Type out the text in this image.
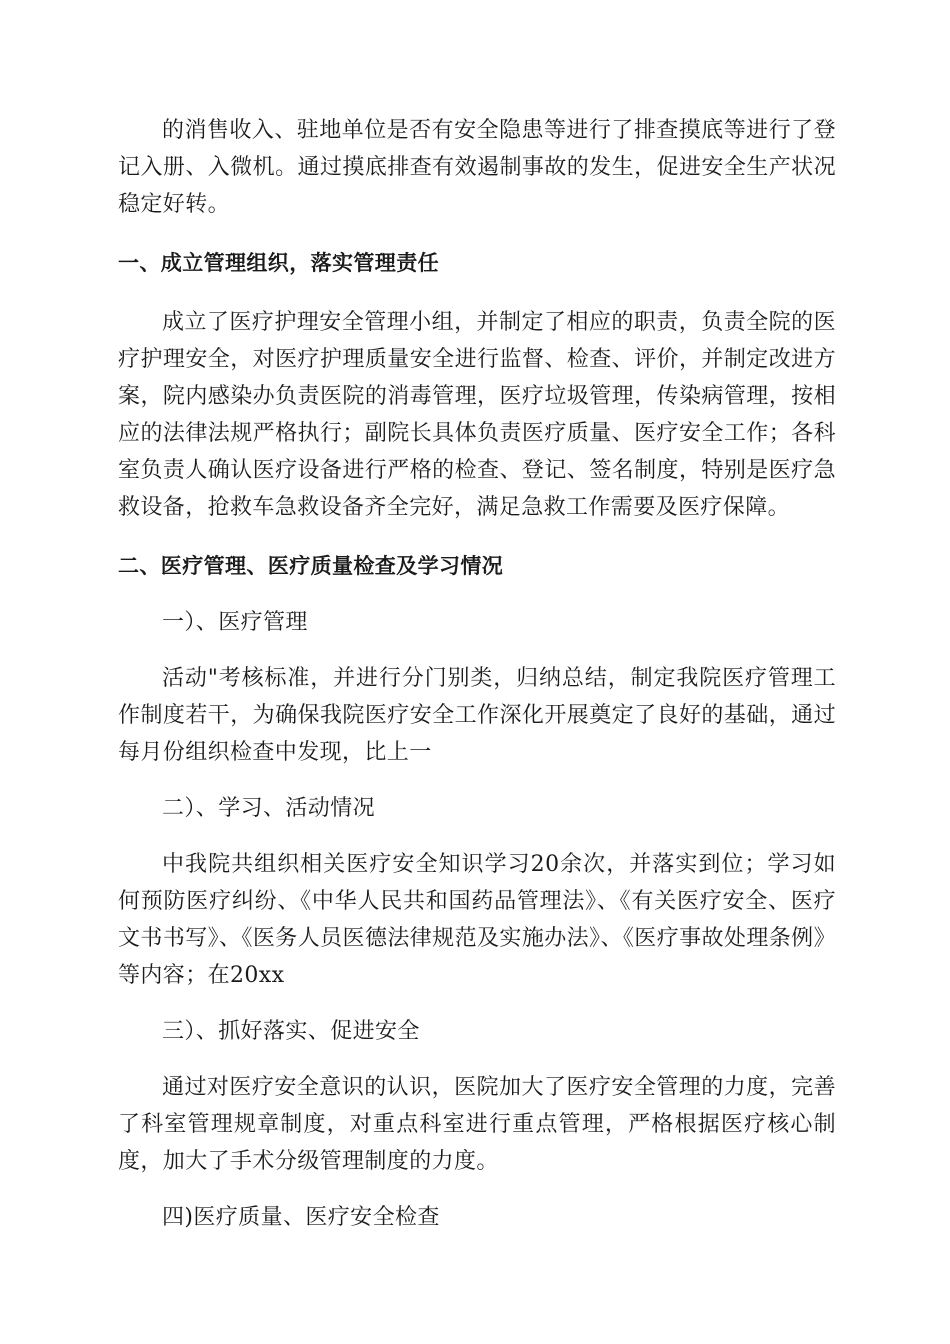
的消售收入、驻地单位是否有安全隐患等进行了排查摸底等进行了登记入册、入微机。通过摸底排查有效遏制事故的发生，促进安全生产状况稳定好转。

一、成立管理组织，落实管理责任

成立了医疗护理安全管理小组，并制定了相应的职责，负责全院的医疗护理安全，对医疗护理质量安全进行监督、检查、评价，并制定改进方案，院内感染办负责医院的消毒管理，医疗垃圾管理，传染病管理，按相应的法律法规严格执行；副院长具体负责医疗质量、医疗安全工作；各科室负责人确认医疗设备进行严格的检查、登记、签名制度，特别是医疗急救设备，抢救车急救设备齐全完好，满足急救工作需要及医疗保障。

二、医疗管理、医疗质量检查及学习情况

一）、医疗管理

活动"考核标准，并进行分门别类，归纳总结，制定我院医疗管理工作制度若干，为确保我院医疗安全工作深化开展奠定了良好的基础，通过每月份组织检查中发现，比上一

二）、学习、活动情况

中我院共组织相关医疗安全知识学习20余次，并落实到位；学习如何预防医疗纠纷、《中华人民共和国药品管理法》、《有关医疗安全、医疗文书书写》、《医务人员医德法律规范及实施办法》、《医疗事故处理条例》等内容；在20xx

三）、抓好落实、促进安全

通过对医疗安全意识的认识，医院加大了医疗安全管理的力度，完善了科室管理规章制度，对重点科室进行重点管理，严格根据医疗核心制度，加大了手术分级管理制度的力度。

四)医疗质量、医疗安全检查
